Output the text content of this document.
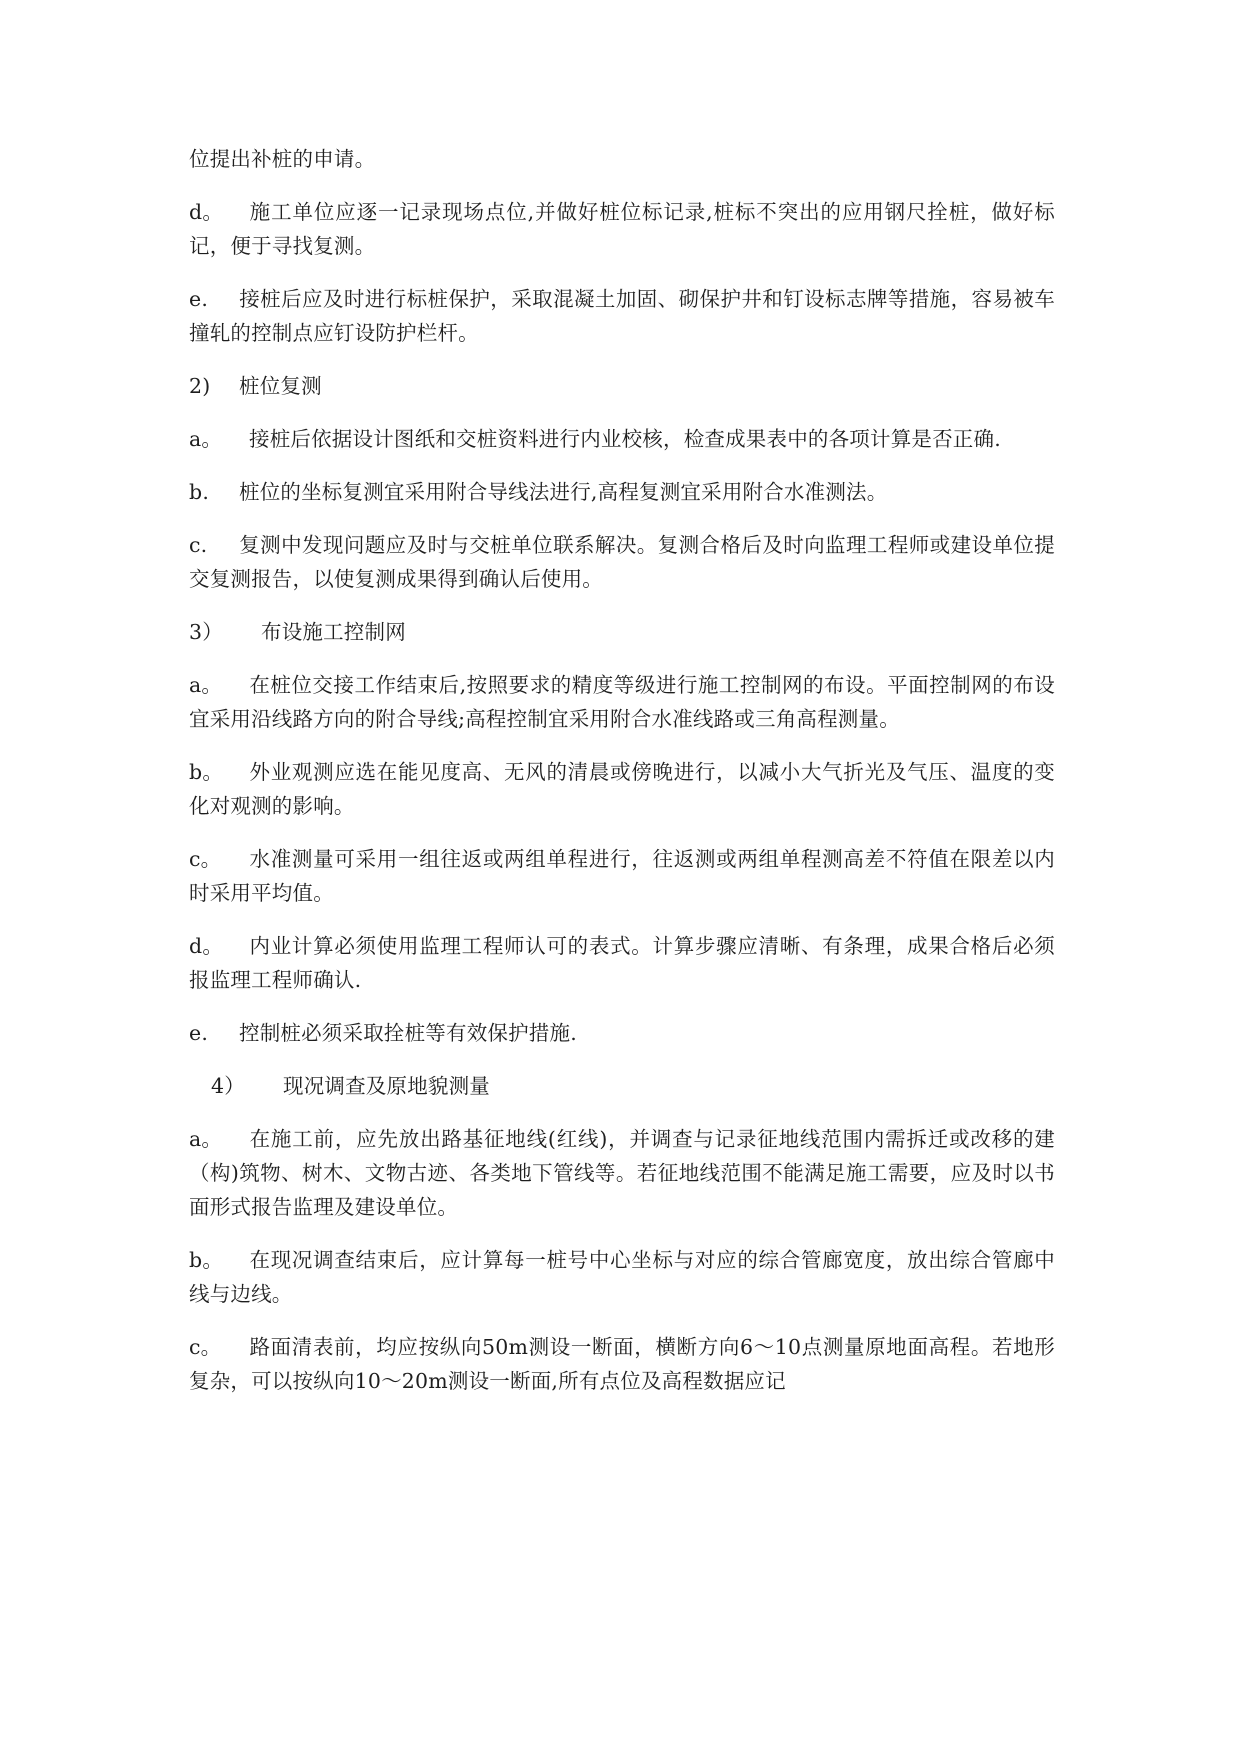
位提出补桩的申请。

d。 施工单位应逐一记录现场点位,并做好桩位标记录,桩标不突出的应用钢尺拴桩，做好标记，便于寻找复测。

e. 接桩后应及时进行标桩保护，采取混凝土加固、砌保护井和钉设标志牌等措施，容易被车撞轧的控制点应钉设防护栏杆。

2) 桩位复测

a。 接桩后依据设计图纸和交桩资料进行内业校核，检查成果表中的各项计算是否正确.

b. 桩位的坐标复测宜采用附合导线法进行,高程复测宜采用附合水准测法。

c. 复测中发现问题应及时与交桩单位联系解决。复测合格后及时向监理工程师或建设单位提交复测报告，以使复测成果得到确认后使用。

3） 布设施工控制网

a。 在桩位交接工作结束后,按照要求的精度等级进行施工控制网的布设。平面控制网的布设宜采用沿线路方向的附合导线;高程控制宜采用附合水准线路或三角高程测量。

b。 外业观测应选在能见度高、无风的清晨或傍晚进行，以减小大气折光及气压、温度的变化对观测的影响。

c。 水准测量可采用一组往返或两组单程进行，往返测或两组单程测高差不符值在限差以内时采用平均值。

d。 内业计算必须使用监理工程师认可的表式。计算步骤应清晰、有条理，成果合格后必须报监理工程师确认.

e. 控制桩必须采取拴桩等有效保护措施.

4） 现况调查及原地貌测量

a。 在施工前，应先放出路基征地线(红线)，并调查与记录征地线范围内需拆迁或改移的建（构)筑物、树木、文物古迹、各类地下管线等。若征地线范围不能满足施工需要，应及时以书面形式报告监理及建设单位。

b。 在现况调查结束后，应计算每一桩号中心坐标与对应的综合管廊宽度，放出综合管廊中线与边线。

c。 路面清表前，均应按纵向50m测设一断面，横断方向6～10点测量原地面高程。若地形复杂，可以按纵向10～20m测设一断面,所有点位及高程数据应记
